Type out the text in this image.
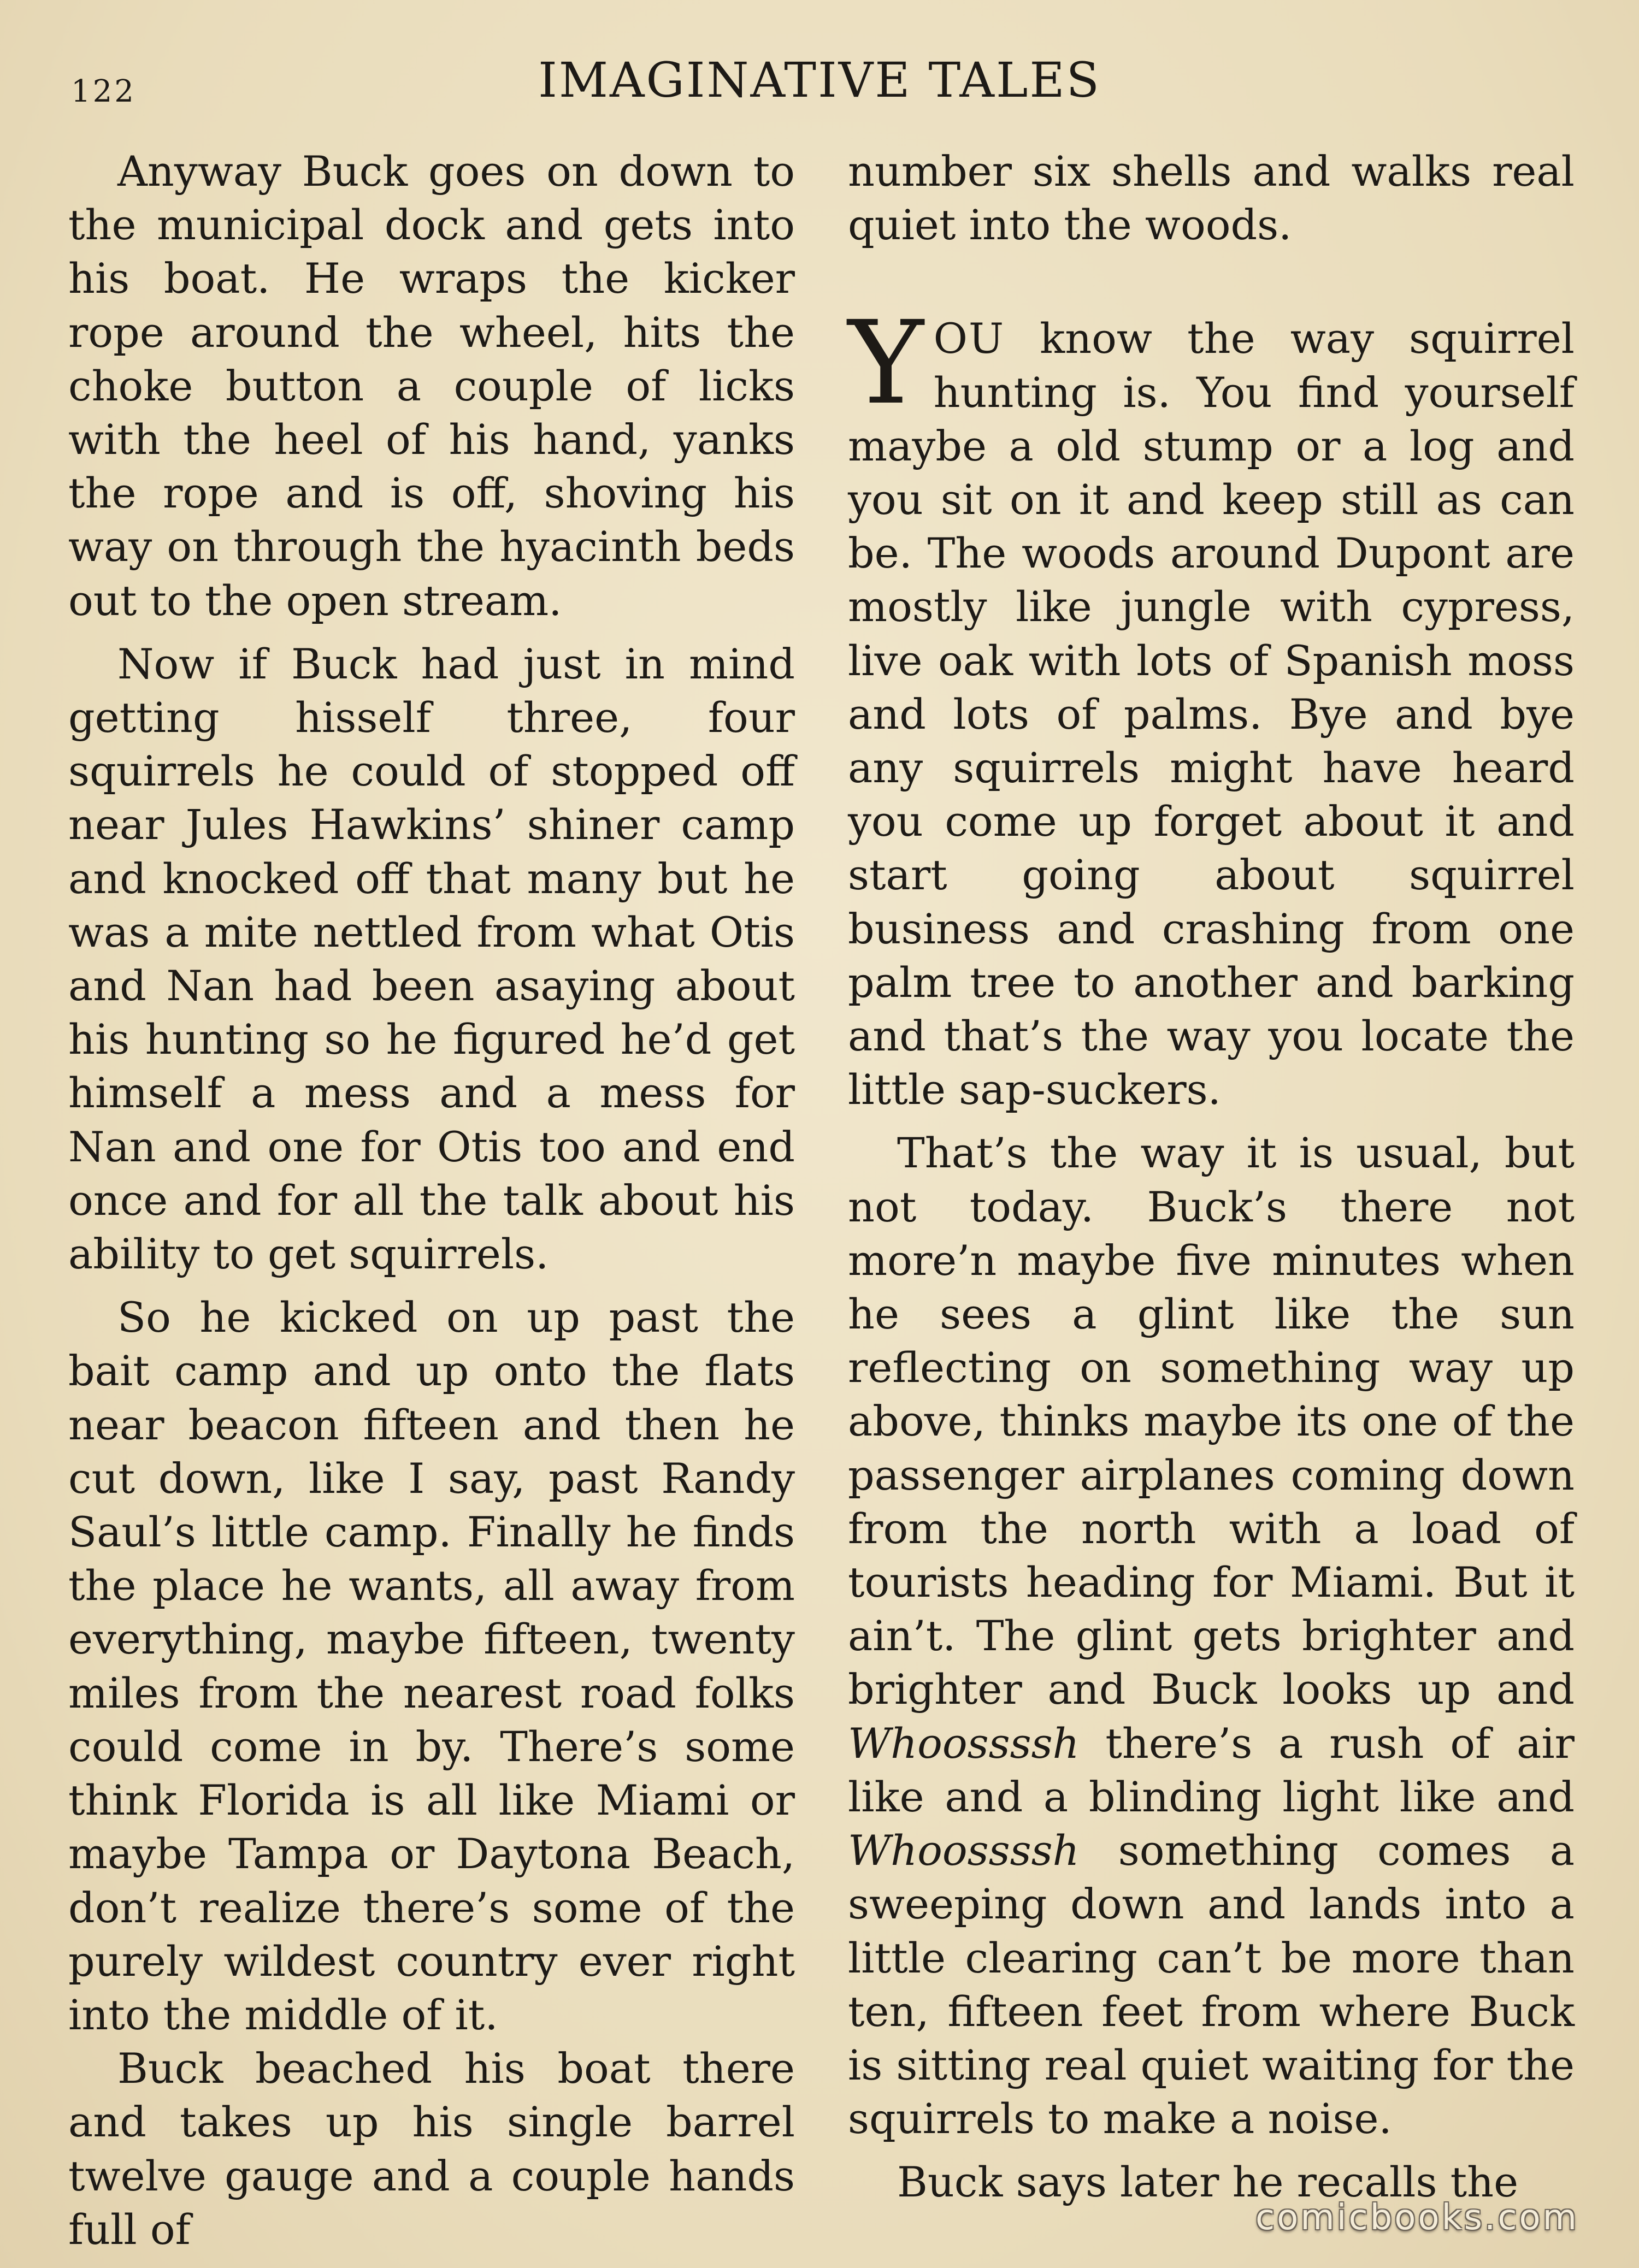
122	IMAGINATIVE TALES

Anyway Buck goes on down to the municipal dock and gets into his boat. He wraps the kicker rope around the wheel, hits the choke button a couple of licks with the heel of his hand, yanks the rope and is off, shoving his way on through the hyacinth beds out to the open stream.

Now if Buck had just in mind getting hisself three, four squirrels he could of stopped off near Jules Hawkins’ shiner camp and knocked off that many but he was a mite nettled from what Otis and Nan had been asaying about his hunting so he figured he’d get himself a mess and a mess for Nan and one for Otis too and end once and for all the talk about his ability to get squirrels.

So he kicked on up past the bait camp and up onto the flats near beacon fifteen and then he cut down, like I say, past Randy Saul’s little camp. Finally he finds the place he wants, all away from everything, maybe fifteen, twenty miles from the nearest road folks could come in by. There’s some think Florida is all like Miami or maybe Tampa or Daytona Beach, don’t realize there’s some of the purely wildest country ever right into the middle of it.

Buck beached his boat there and takes up his single barrel twelve gauge and a couple hands full of

number six shells and walks real quiet into the woods.

YOU know the way squirrel hunting is. You find yourself maybe a old stump or a log and you sit on it and keep still as can be. The woods around Dupont are mostly like jungle with cypress, live oak with lots of Spanish moss and lots of palms. Bye and bye any squirrels might have heard you come up forget about it and start going about squirrel business and crashing from one palm tree to another and barking and that’s the way you locate the little sap-suckers.

That’s the way it is usual, but not today. Buck’s there not more’n maybe five minutes when he sees a glint like the sun reflecting on something way up above, thinks maybe its one of the passenger airplanes coming down from the north with a load of tourists heading for Miami. But it ain’t. The glint gets brighter and brighter and Buck looks up and Whoossssh there’s a rush of air like and a blinding light like and Whoossssh something comes a sweeping down and lands into a little clearing can’t be more than ten, fifteen feet from where Buck is sitting real quiet waiting for the squirrels to make a noise.

Buck says later he recalls the

comicbooks.com
